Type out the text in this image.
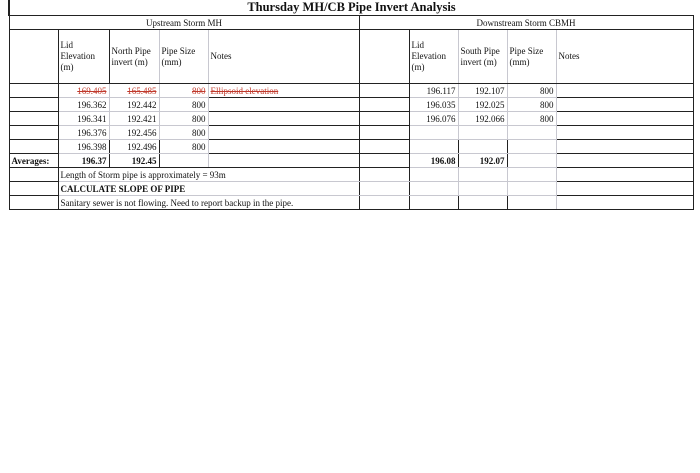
Thursday MH/CB Pipe Invert Analysis									
Upstream Storm MH					Downstream Storm CBMH				
	Lid Elevation (m)	North Pipe invert (m)	Pipe Size (mm)	Notes		Lid Elevation (m)	South Pipe invert (m)	Pipe Size (mm)	Notes
	169.405	165.485	800	Ellipsoid elevation		196.117	192.107	800	
	196.362	192.442	800			196.035	192.025	800	
	196.341	192.421	800			196.076	192.066	800	
	196.376	192.456	800						
	196.398	192.496	800						
Averages:	196.37	192.45				196.08	192.07		
	Length of Storm pipe is approximately = 93m								
	CALCULATE SLOPE OF PIPE								
	Sanitary sewer is not flowing. Need to report backup in the pipe.								
